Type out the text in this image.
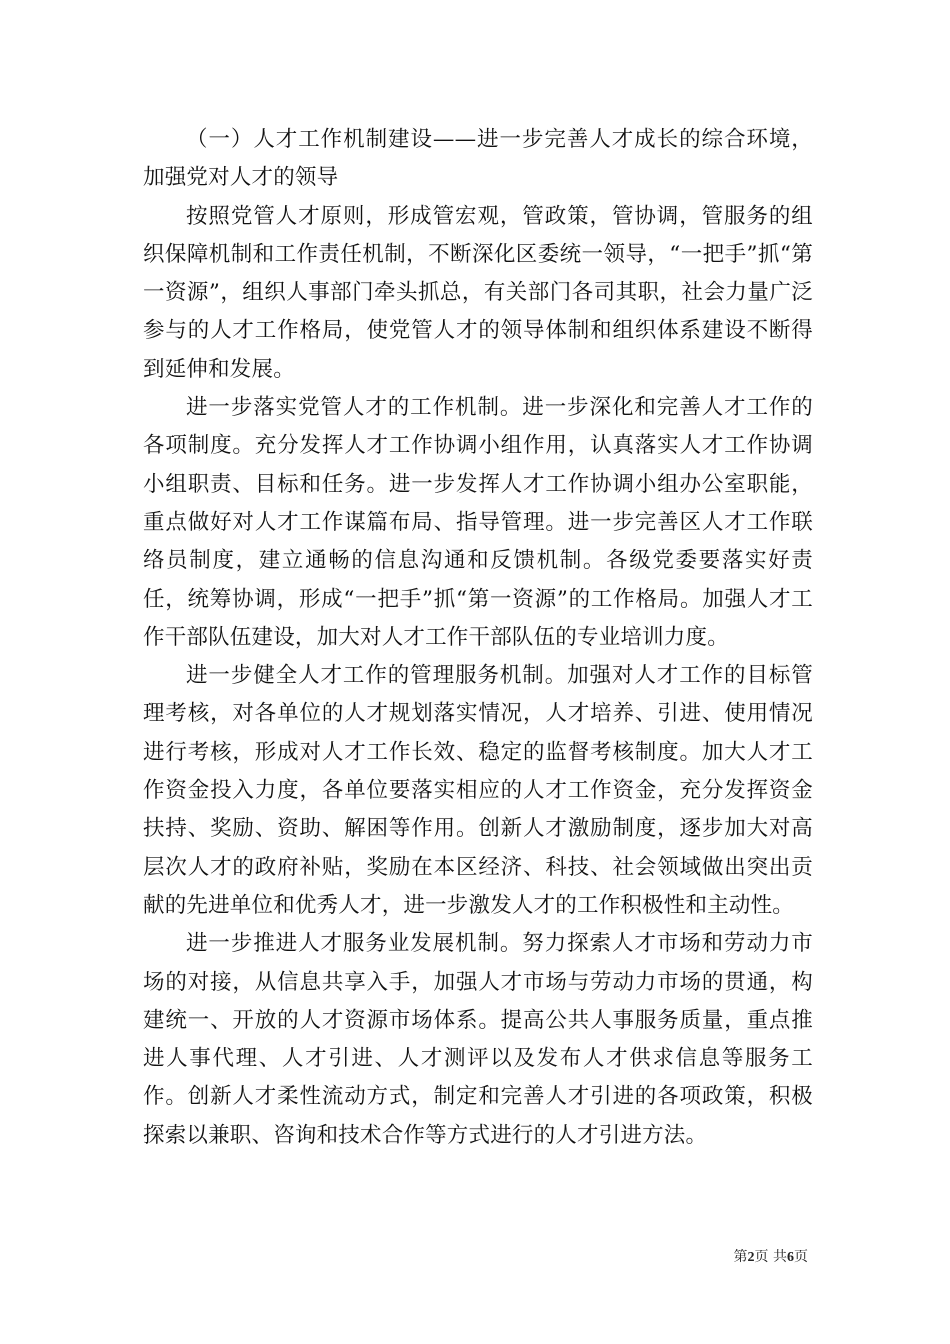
（一）人才工作机制建设——进一步完善人才成长的综合环境，加强党对人才的领导

按照党管人才原则，形成管宏观，管政策，管协调，管服务的组织保障机制和工作责任机制，不断深化区委统一领导，“一把手”抓“第一资源”，组织人事部门牵头抓总，有关部门各司其职，社会力量广泛参与的人才工作格局，使党管人才的领导体制和组织体系建设不断得到延伸和发展。

进一步落实党管人才的工作机制。进一步深化和完善人才工作的各项制度。充分发挥人才工作协调小组作用，认真落实人才工作协调小组职责、目标和任务。进一步发挥人才工作协调小组办公室职能，重点做好对人才工作谋篇布局、指导管理。进一步完善区人才工作联络员制度，建立通畅的信息沟通和反馈机制。各级党委要落实好责任，统筹协调，形成“一把手”抓“第一资源”的工作格局。加强人才工作干部队伍建设，加大对人才工作干部队伍的专业培训力度。

进一步健全人才工作的管理服务机制。加强对人才工作的目标管理考核，对各单位的人才规划落实情况，人才培养、引进、使用情况进行考核，形成对人才工作长效、稳定的监督考核制度。加大人才工作资金投入力度，各单位要落实相应的人才工作资金，充分发挥资金扶持、奖励、资助、解困等作用。创新人才激励制度，逐步加大对高层次人才的政府补贴，奖励在本区经济、科技、社会领域做出突出贡献的先进单位和优秀人才，进一步激发人才的工作积极性和主动性。

进一步推进人才服务业发展机制。努力探索人才市场和劳动力市场的对接，从信息共享入手，加强人才市场与劳动力市场的贯通，构建统一、开放的人才资源市场体系。提高公共人事服务质量，重点推进人事代理、人才引进、人才测评以及发布人才供求信息等服务工作。创新人才柔性流动方式，制定和完善人才引进的各项政策，积极探索以兼职、咨询和技术合作等方式进行的人才引进方法。

第2页 共6页
